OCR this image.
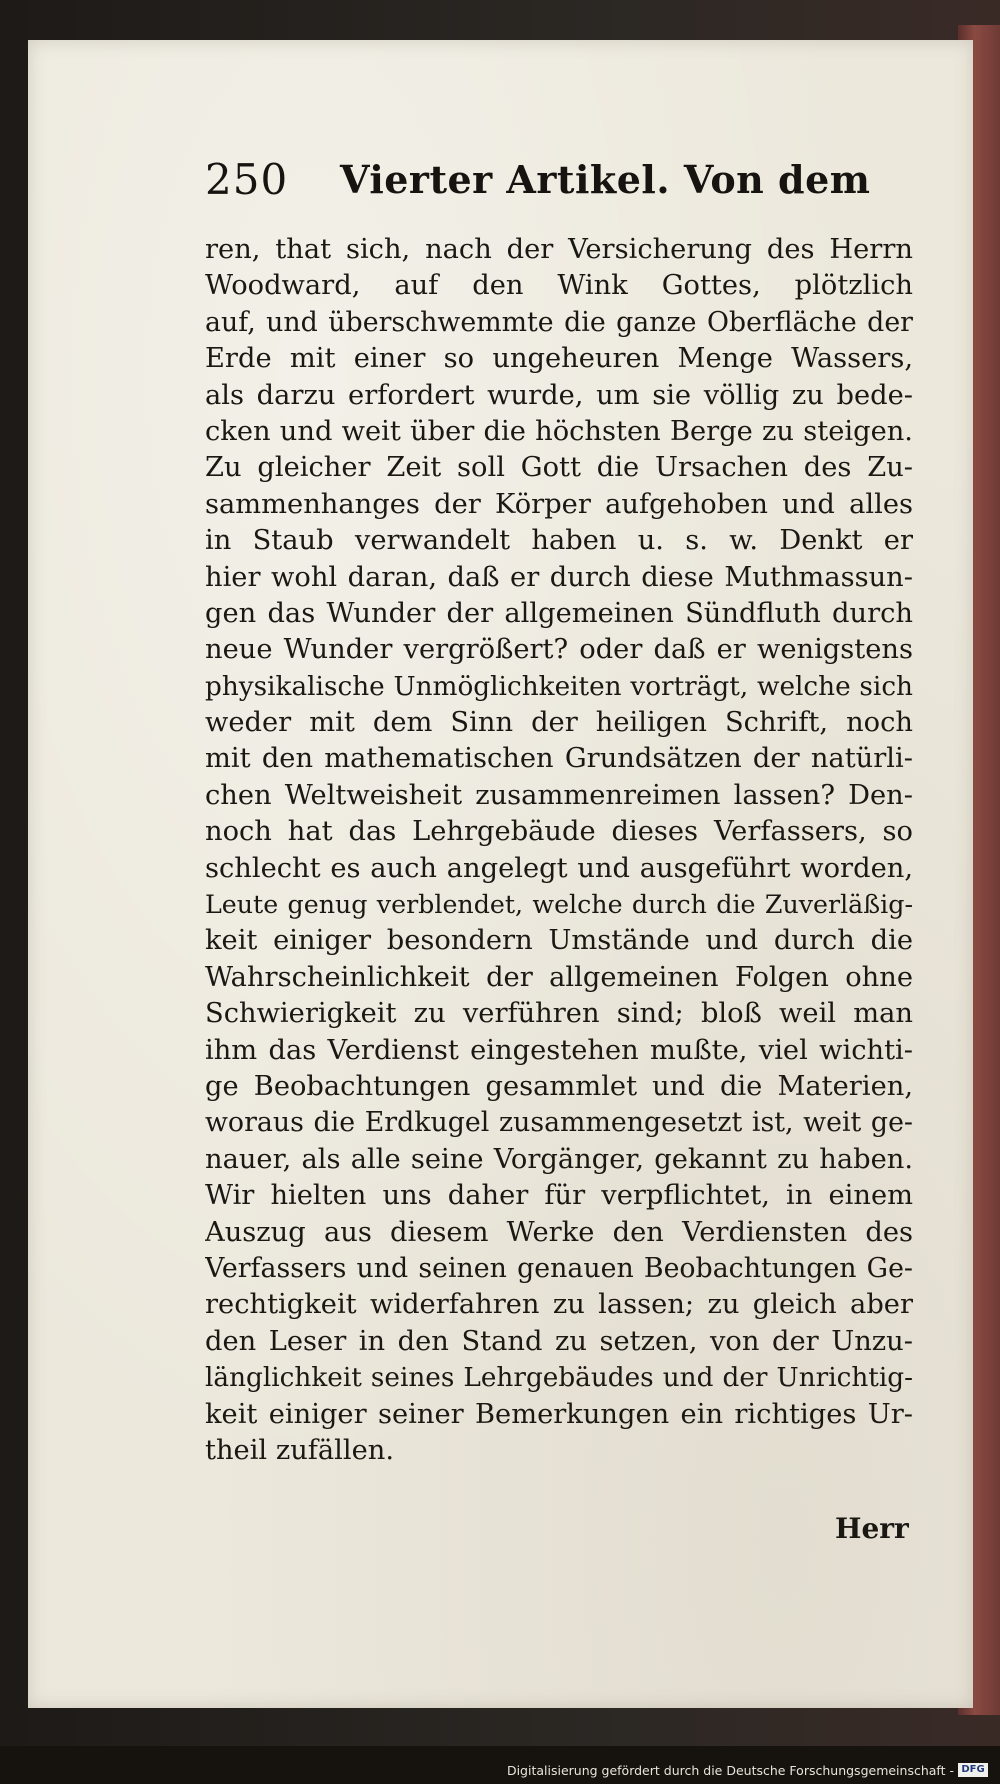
250 Vierter Artikel. Von dem
ren, that sich, nach der Versicherung des Herrn
Woodward, auf den Wink Gottes, plötzlich
auf, und überschwemmte die ganze Oberfläche der
Erde mit einer so ungeheuren Menge Wassers,
als darzu erfordert wurde, um sie völlig zu bede-
cken und weit über die höchsten Berge zu steigen.
Zu gleicher Zeit soll Gott die Ursachen des Zu-
sammenhanges der Körper aufgehoben und alles
in Staub verwandelt haben u. s. w. Denkt er
hier wohl daran, daß er durch diese Muthmassun-
gen das Wunder der allgemeinen Sündfluth durch
neue Wunder vergrößert? oder daß er wenigstens
physikalische Unmöglichkeiten vorträgt, welche sich
weder mit dem Sinn der heiligen Schrift, noch
mit den mathematischen Grundsätzen der natürli-
chen Weltweisheit zusammenreimen lassen? Den-
noch hat das Lehrgebäude dieses Verfassers, so
schlecht es auch angelegt und ausgeführt worden,
Leute genug verblendet, welche durch die Zuverläßig-
keit einiger besondern Umstände und durch die
Wahrscheinlichkeit der allgemeinen Folgen ohne
Schwierigkeit zu verführen sind; bloß weil man
ihm das Verdienst eingestehen mußte, viel wichti-
ge Beobachtungen gesammlet und die Materien,
woraus die Erdkugel zusammengesetzt ist, weit ge-
nauer, als alle seine Vorgänger, gekannt zu haben.
Wir hielten uns daher für verpflichtet, in einem
Auszug aus diesem Werke den Verdiensten des
Verfassers und seinen genauen Beobachtungen Ge-
rechtigkeit widerfahren zu lassen; zu gleich aber
den Leser in den Stand zu setzen, von der Unzu-
länglichkeit seines Lehrgebäudes und der Unrichtig-
keit einiger seiner Bemerkungen ein richtiges Ur-
theil zufällen.
Herr
Digitalisierung gefördert durch die Deutsche Forschungsgemeinschaft - DFG
